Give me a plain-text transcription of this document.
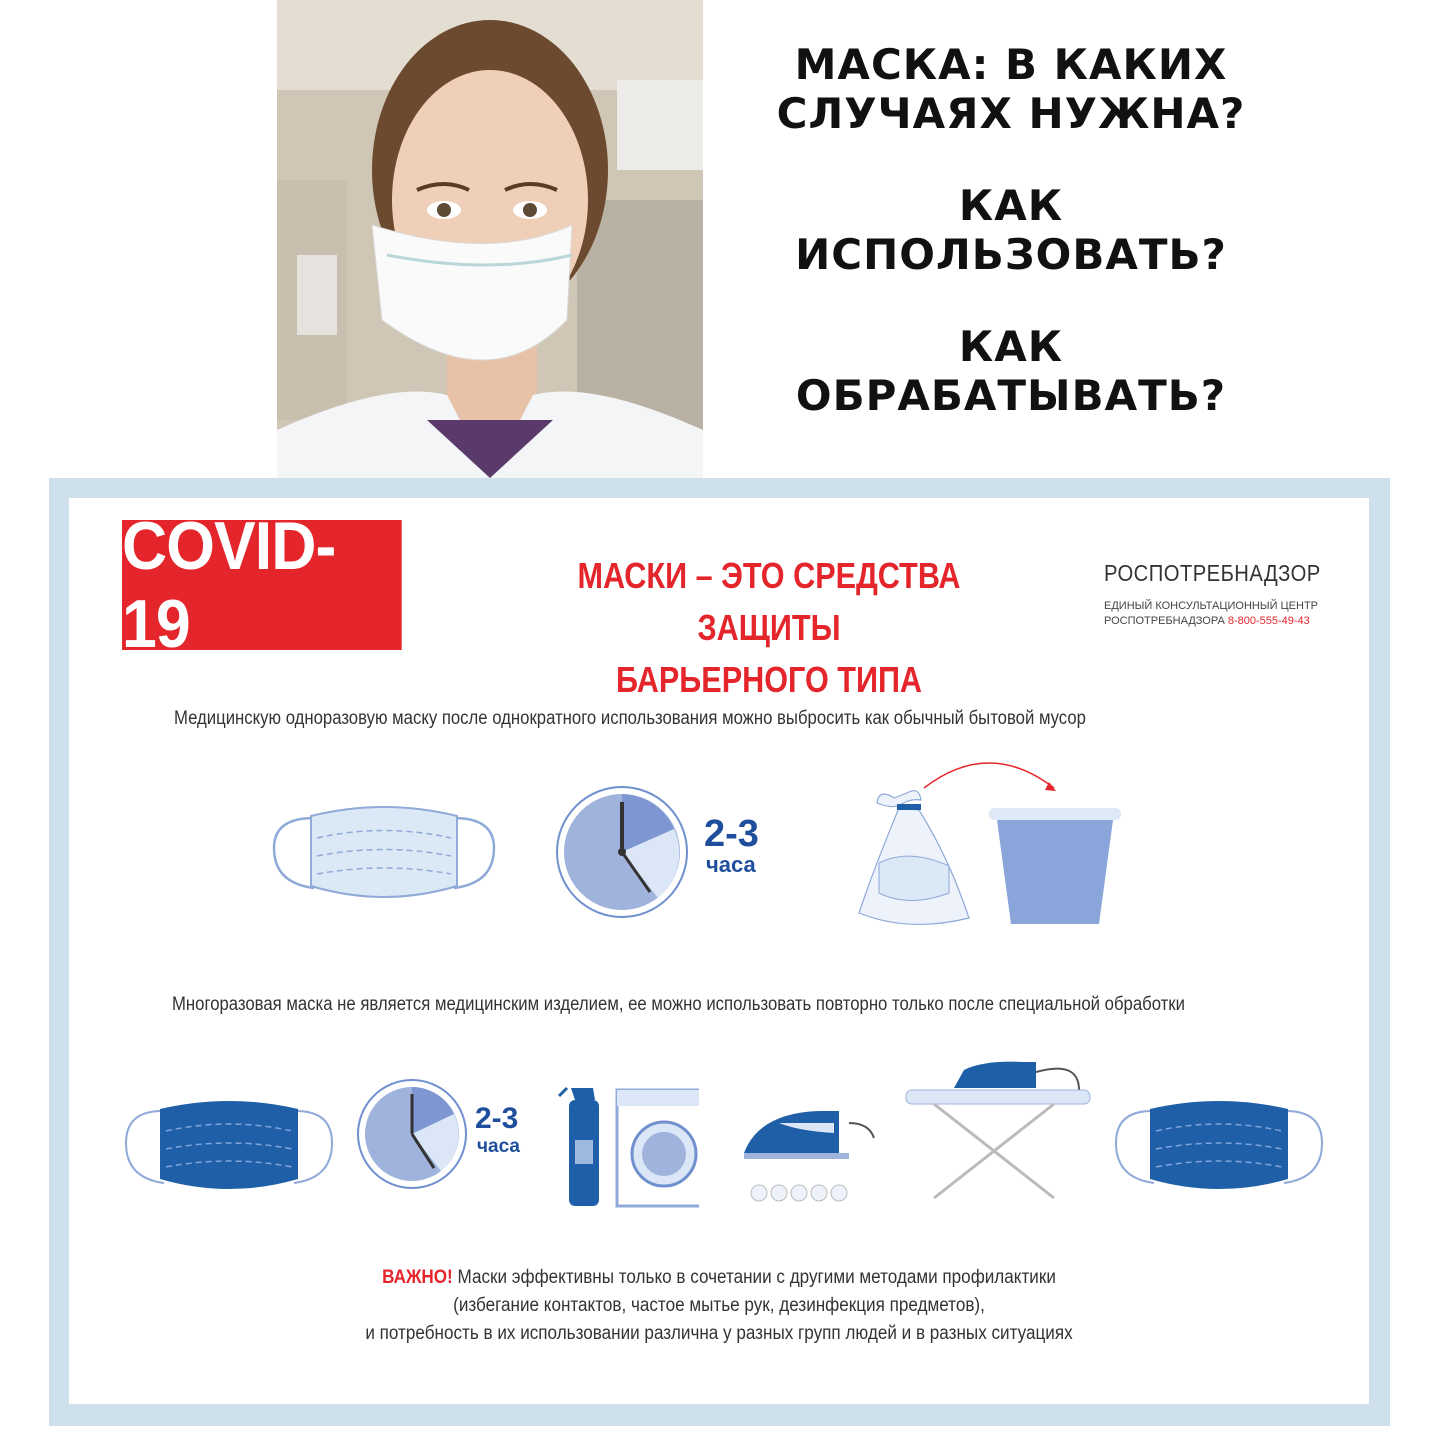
МАСКА: В КАКИХ
СЛУЧАЯХ НУЖНА?
КАК
ИСПОЛЬЗОВАТЬ?
КАК
ОБРАБАТЫВАТЬ?
COVID-19
МАСКИ – ЭТО СРЕДСТВА ЗАЩИТЫ
БАРЬЕРНОГО ТИПА
РОСПОТРЕБНАДЗОР
ЕДИНЫЙ КОНСУЛЬТАЦИОННЫЙ ЦЕНТР
РОСПОТРЕБНАДЗОРА 8-800-555-49-43
Медицинскую одноразовую маску после однократного использования можно выбросить как обычный бытовой мусор
2-3
часа
Многоразовая маска не является медицинским изделием, ее можно использовать повторно только после специальной обработки
2-3
часа
ВАЖНО! Маски эффективны только в сочетании с другими методами профилактики
(избегание контактов, частое мытье рук, дезинфекция предметов),
и потребность в их использовании различна у разных групп людей и в разных ситуациях
